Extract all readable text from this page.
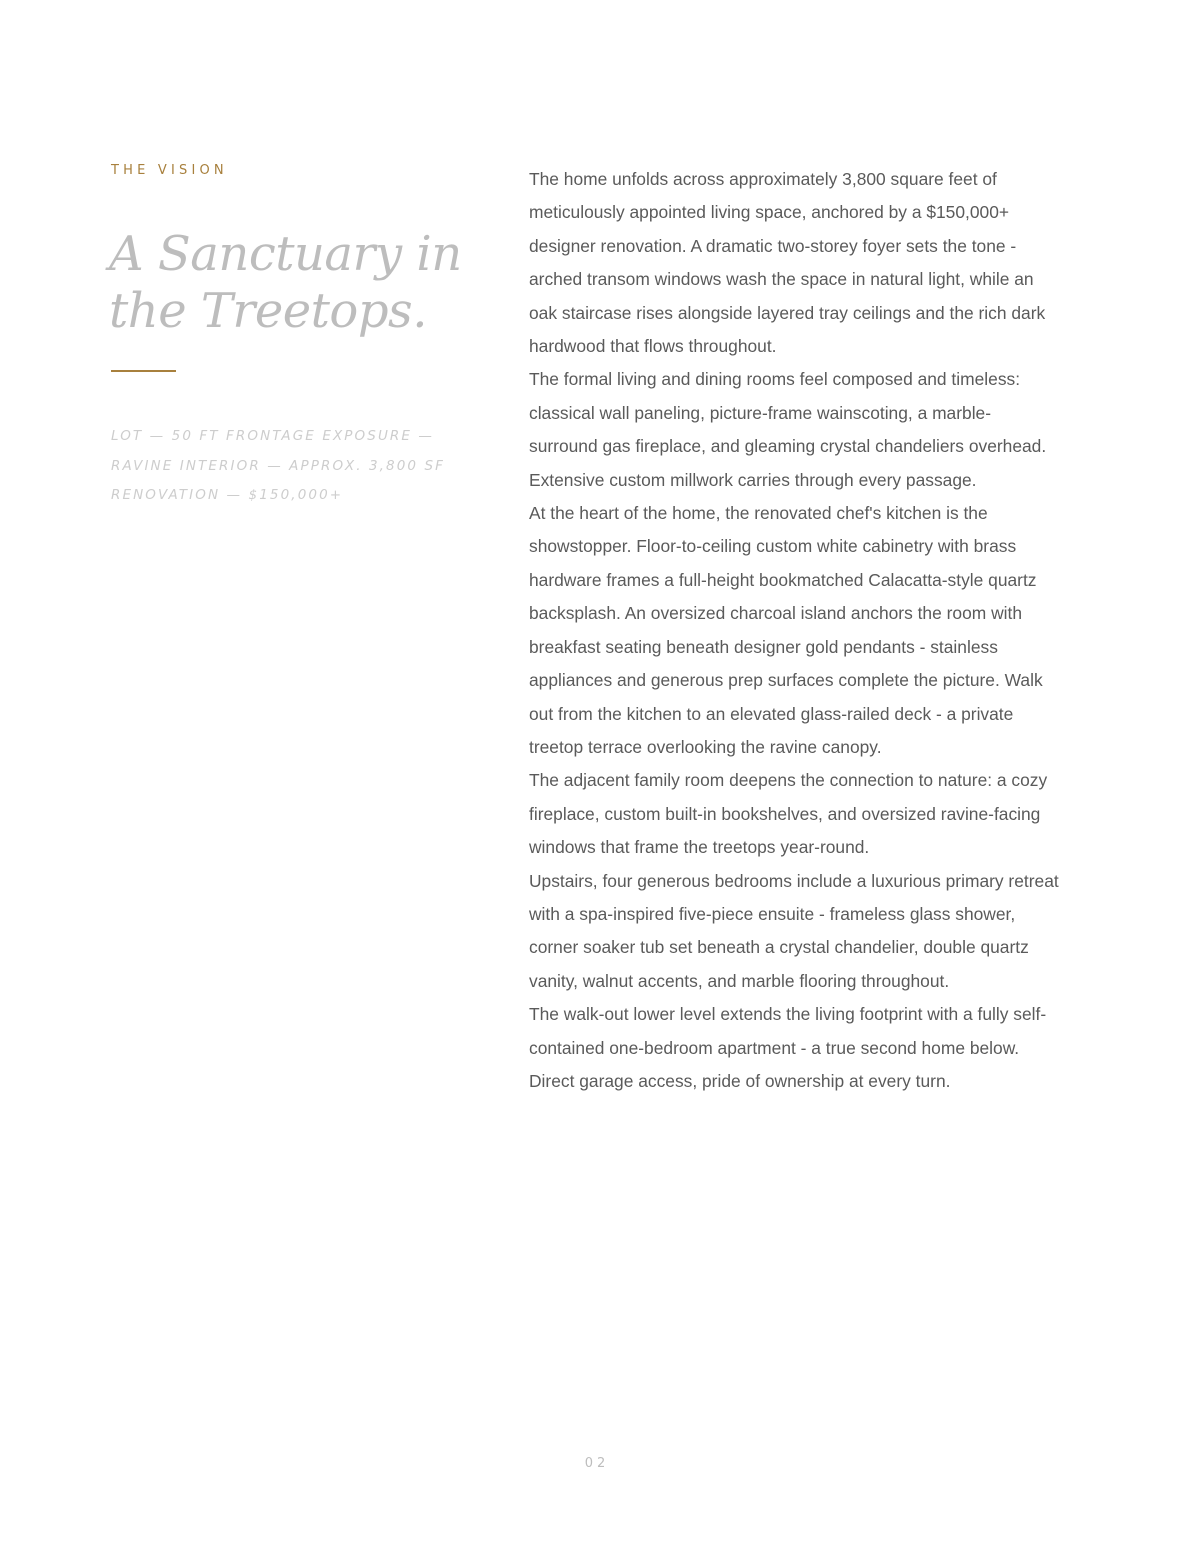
THE VISION

A Sanctuary in
the Treetops.
LOT — 50 FT FRONTAGE EXPOSURE —
RAVINE INTERIOR — APPROX. 3,800 SF
RENOVATION — $150,000+

The home unfolds across approximately 3,800 square feet of
meticulously appointed living space, anchored by a $150,000+
designer renovation. A dramatic two-storey foyer sets the tone -
arched transom windows wash the space in natural light, while an
oak staircase rises alongside layered tray ceilings and the rich dark
hardwood that flows throughout.

The formal living and dining rooms feel composed and timeless:
classical wall paneling, picture-frame wainscoting, a marble-
surround gas fireplace, and gleaming crystal chandeliers overhead.
Extensive custom millwork carries through every passage.

At the heart of the home, the renovated chef's kitchen is the
showstopper. Floor-to-ceiling custom white cabinetry with brass
hardware frames a full-height bookmatched Calacatta-style quartz
backsplash. An oversized charcoal island anchors the room with
breakfast seating beneath designer gold pendants - stainless
appliances and generous prep surfaces complete the picture. Walk
out from the kitchen to an elevated glass-railed deck - a private
treetop terrace overlooking the ravine canopy.

The adjacent family room deepens the connection to nature: a cozy
fireplace, custom built-in bookshelves, and oversized ravine-facing
windows that frame the treetops year-round.

Upstairs, four generous bedrooms include a luxurious primary retreat
with a spa-inspired five-piece ensuite - frameless glass shower,
corner soaker tub set beneath a crystal chandelier, double quartz
vanity, walnut accents, and marble flooring throughout.

The walk-out lower level extends the living footprint with a fully self-
contained one-bedroom apartment - a true second home below.
Direct garage access, pride of ownership at every turn.

02
